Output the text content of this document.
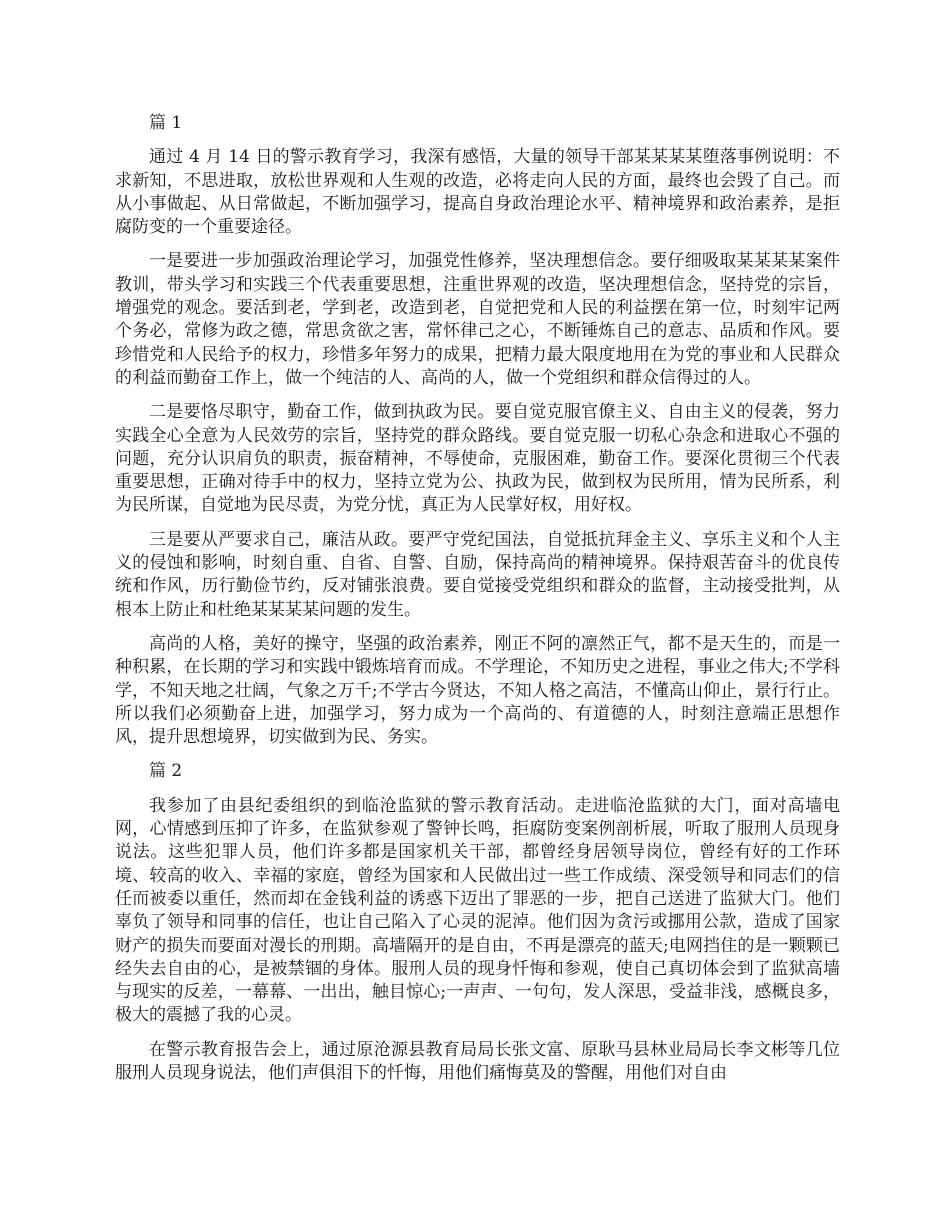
篇 1

通过 4 月 14 日的警示教育学习，我深有感悟，大量的领导干部某某某某堕落事例说明：不求新知，不思进取，放松世界观和人生观的改造，必将走向人民的方面，最终也会毁了自己。而从小事做起、从日常做起，不断加强学习，提高自身政治理论水平、精神境界和政治素养，是拒腐防变的一个重要途径。

一是要进一步加强政治理论学习，加强党性修养，坚决理想信念。要仔细吸取某某某某案件教训，带头学习和实践三个代表重要思想，注重世界观的改造，坚决理想信念，坚持党的宗旨，增强党的观念。要活到老，学到老，改造到老，自觉把党和人民的利益摆在第一位，时刻牢记两个务必，常修为政之德，常思贪欲之害，常怀律己之心，不断锤炼自己的意志、品质和作风。要珍惜党和人民给予的权力，珍惜多年努力的成果，把精力最大限度地用在为党的事业和人民群众的利益而勤奋工作上，做一个纯洁的人、高尚的人，做一个党组织和群众信得过的人。

二是要恪尽职守，勤奋工作，做到执政为民。要自觉克服官僚主义、自由主义的侵袭，努力实践全心全意为人民效劳的宗旨，坚持党的群众路线。要自觉克服一切私心杂念和进取心不强的问题，充分认识肩负的职责，振奋精神，不辱使命，克服困难，勤奋工作。要深化贯彻三个代表重要思想，正确对待手中的权力，坚持立党为公、执政为民，做到权为民所用，情为民所系，利为民所谋，自觉地为民尽责，为党分忧，真正为人民掌好权，用好权。

三是要从严要求自己，廉洁从政。要严守党纪国法，自觉抵抗拜金主义、享乐主义和个人主义的侵蚀和影响，时刻自重、自省、自警、自励，保持高尚的精神境界。保持艰苦奋斗的优良传统和作风，历行勤俭节约，反对铺张浪费。要自觉接受党组织和群众的监督，主动接受批判，从根本上防止和杜绝某某某某问题的发生。

高尚的人格，美好的操守，坚强的政治素养，刚正不阿的凛然正气，都不是天生的，而是一种积累，在长期的学习和实践中锻炼培育而成。不学理论，不知历史之进程，事业之伟大;不学科学，不知天地之壮阔，气象之万千;不学古今贤达，不知人格之高洁，不懂高山仰止，景行行止。所以我们必须勤奋上进，加强学习，努力成为一个高尚的、有道德的人，时刻注意端正思想作风，提升思想境界，切实做到为民、务实。

篇 2

我参加了由县纪委组织的到临沧监狱的警示教育活动。走进临沧监狱的大门，面对高墙电网，心情感到压抑了许多，在监狱参观了警钟长鸣，拒腐防变案例剖析展，听取了服刑人员现身说法。这些犯罪人员，他们许多都是国家机关干部，都曾经身居领导岗位，曾经有好的工作环境、较高的收入、幸福的家庭，曾经为国家和人民做出过一些工作成绩、深受领导和同志们的信任而被委以重任，然而却在金钱利益的诱惑下迈出了罪恶的一步，把自己送进了监狱大门。他们辜负了领导和同事的信任，也让自己陷入了心灵的泥淖。他们因为贪污或挪用公款，造成了国家财产的损失而要面对漫长的刑期。高墙隔开的是自由，不再是漂亮的蓝天;电网挡住的是一颗颗已经失去自由的心，是被禁锢的身体。服刑人员的现身忏悔和参观，使自己真切体会到了监狱高墙与现实的反差，一幕幕、一出出，触目惊心;一声声、一句句，发人深思，受益非浅，感概良多，极大的震撼了我的心灵。

在警示教育报告会上，通过原沧源县教育局局长张文富、原耿马县林业局局长李文彬等几位服刑人员现身说法，他们声俱泪下的忏悔，用他们痛悔莫及的警醒，用他们对自由
